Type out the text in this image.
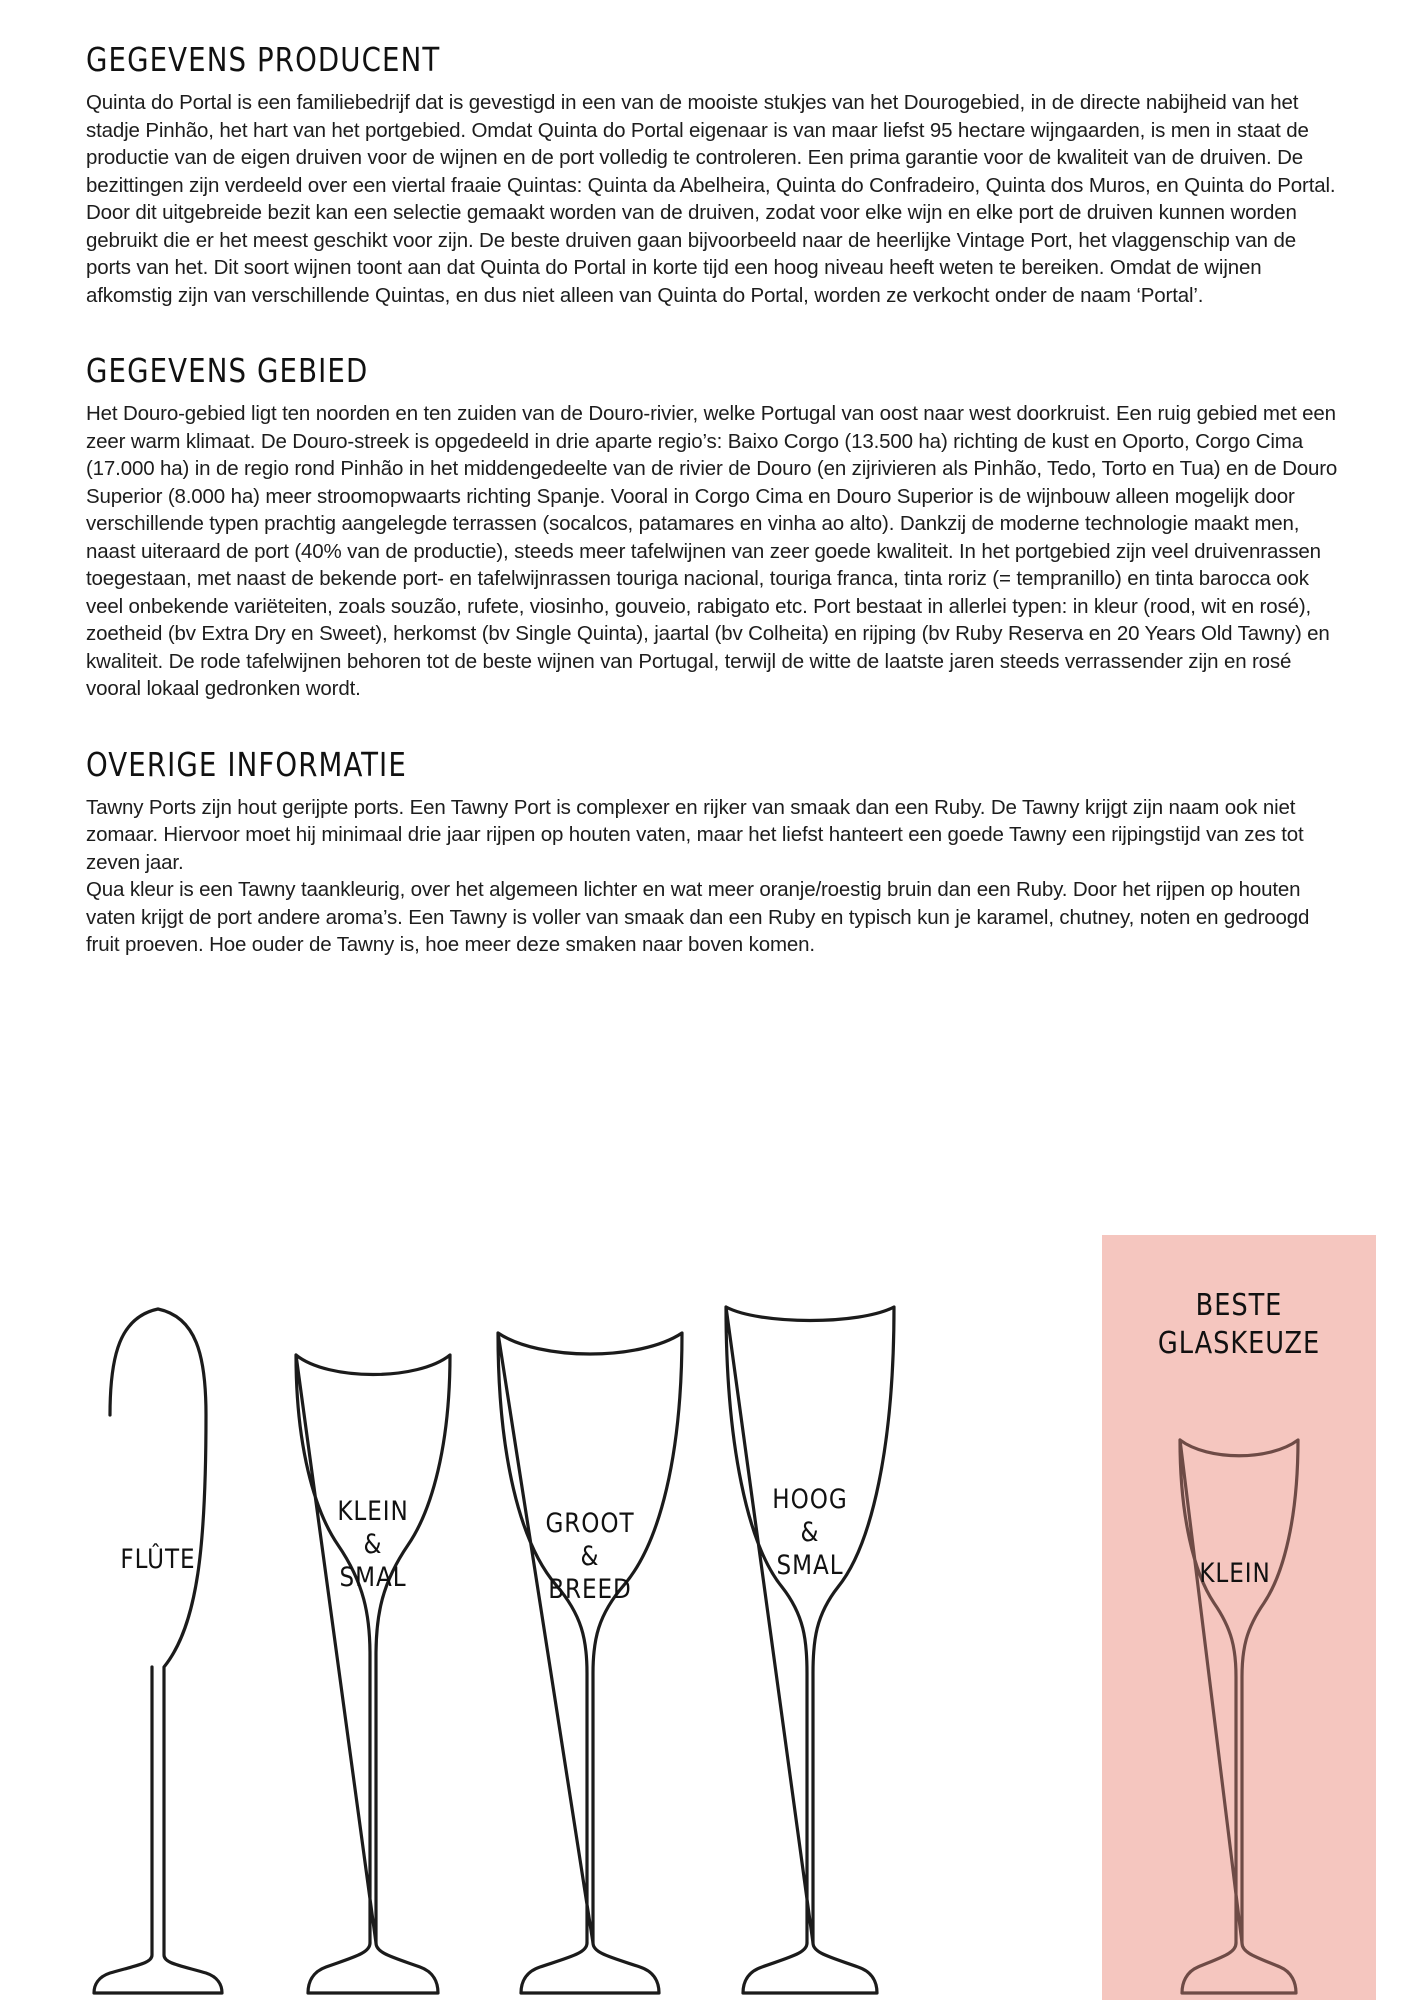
GEGEVENS PRODUCENT

Quinta do Portal is een familiebedrijf dat is gevestigd in een van de mooiste stukjes van het Dourogebied, in de directe nabijheid van het stadje Pinhão, het hart van het portgebied. Omdat Quinta do Portal eigenaar is van maar liefst 95 hectare wijngaarden, is men in staat de productie van de eigen druiven voor de wijnen en de port volledig te controleren. Een prima garantie voor de kwaliteit van de druiven. De bezittingen zijn verdeeld over een viertal fraaie Quintas: Quinta da Abelheira, Quinta do Confradeiro, Quinta dos Muros, en Quinta do Portal. Door dit uitgebreide bezit kan een selectie gemaakt worden van de druiven, zodat voor elke wijn en elke port de druiven kunnen worden gebruikt die er het meest geschikt voor zijn. De beste druiven gaan bijvoorbeeld naar de heerlijke Vintage Port, het vlaggenschip van de ports van het. Dit soort wijnen toont aan dat Quinta do Portal in korte tijd een hoog niveau heeft weten te bereiken. Omdat de wijnen afkomstig zijn van verschillende Quintas, en dus niet alleen van Quinta do Portal, worden ze verkocht onder de naam ‘Portal’.

GEGEVENS GEBIED

Het Douro-gebied ligt ten noorden en ten zuiden van de Douro-rivier, welke Portugal van oost naar west doorkruist. Een ruig gebied met een zeer warm klimaat. De Douro-streek is opgedeeld in drie aparte regio’s: Baixo Corgo (13.500 ha) richting de kust en Oporto, Corgo Cima (17.000 ha) in de regio rond Pinhão in het middengedeelte van de rivier de Douro (en zijrivieren als Pinhão, Tedo, Torto en Tua) en de Douro Superior (8.000 ha) meer stroomopwaarts richting Spanje. Vooral in Corgo Cima en Douro Superior is de wijnbouw alleen mogelijk door verschillende typen prachtig aangelegde terrassen (socalcos, patamares en vinha ao alto). Dankzij de moderne technologie maakt men, naast uiteraard de port (40% van de productie), steeds meer tafelwijnen van zeer goede kwaliteit. In het portgebied zijn veel druivenrassen toegestaan, met naast de bekende port- en tafelwijnrassen touriga nacional, touriga franca, tinta roriz (= tempranillo) en tinta barocca ook veel onbekende variëteiten, zoals souzão, rufete, viosinho, gouveio, rabigato etc. Port bestaat in allerlei typen: in kleur (rood, wit en rosé), zoetheid (bv Extra Dry en Sweet), herkomst (bv Single Quinta), jaartal (bv Colheita) en rijping (bv Ruby Reserva en 20 Years Old Tawny) en kwaliteit. De rode tafelwijnen behoren tot de beste wijnen van Portugal, terwijl de witte de laatste jaren steeds verrassender zijn en rosé vooral lokaal gedronken wordt.

OVERIGE INFORMATIE

Tawny Ports zijn hout gerijpte ports. Een Tawny Port is complexer en rijker van smaak dan een Ruby. De Tawny krijgt zijn naam ook niet zomaar. Hiervoor moet hij minimaal drie jaar rijpen op houten vaten, maar het liefst hanteert een goede Tawny een rijpingstijd van zes tot zeven jaar.

Qua kleur is een Tawny taankleurig, over het algemeen lichter en wat meer oranje/roestig bruin dan een Ruby. Door het rijpen op houten vaten krijgt de port andere aroma’s. Een Tawny is voller van smaak dan een Ruby en typisch kun je karamel, chutney, noten en gedroogd fruit proeven. Hoe ouder de Tawny is, hoe meer deze smaken naar boven komen.

BESTE
GLASKEUZE
FLÛTE
KLEIN
&
SMAL
GROOT
&
BREED
HOOG
&
SMAL	KLEIN
